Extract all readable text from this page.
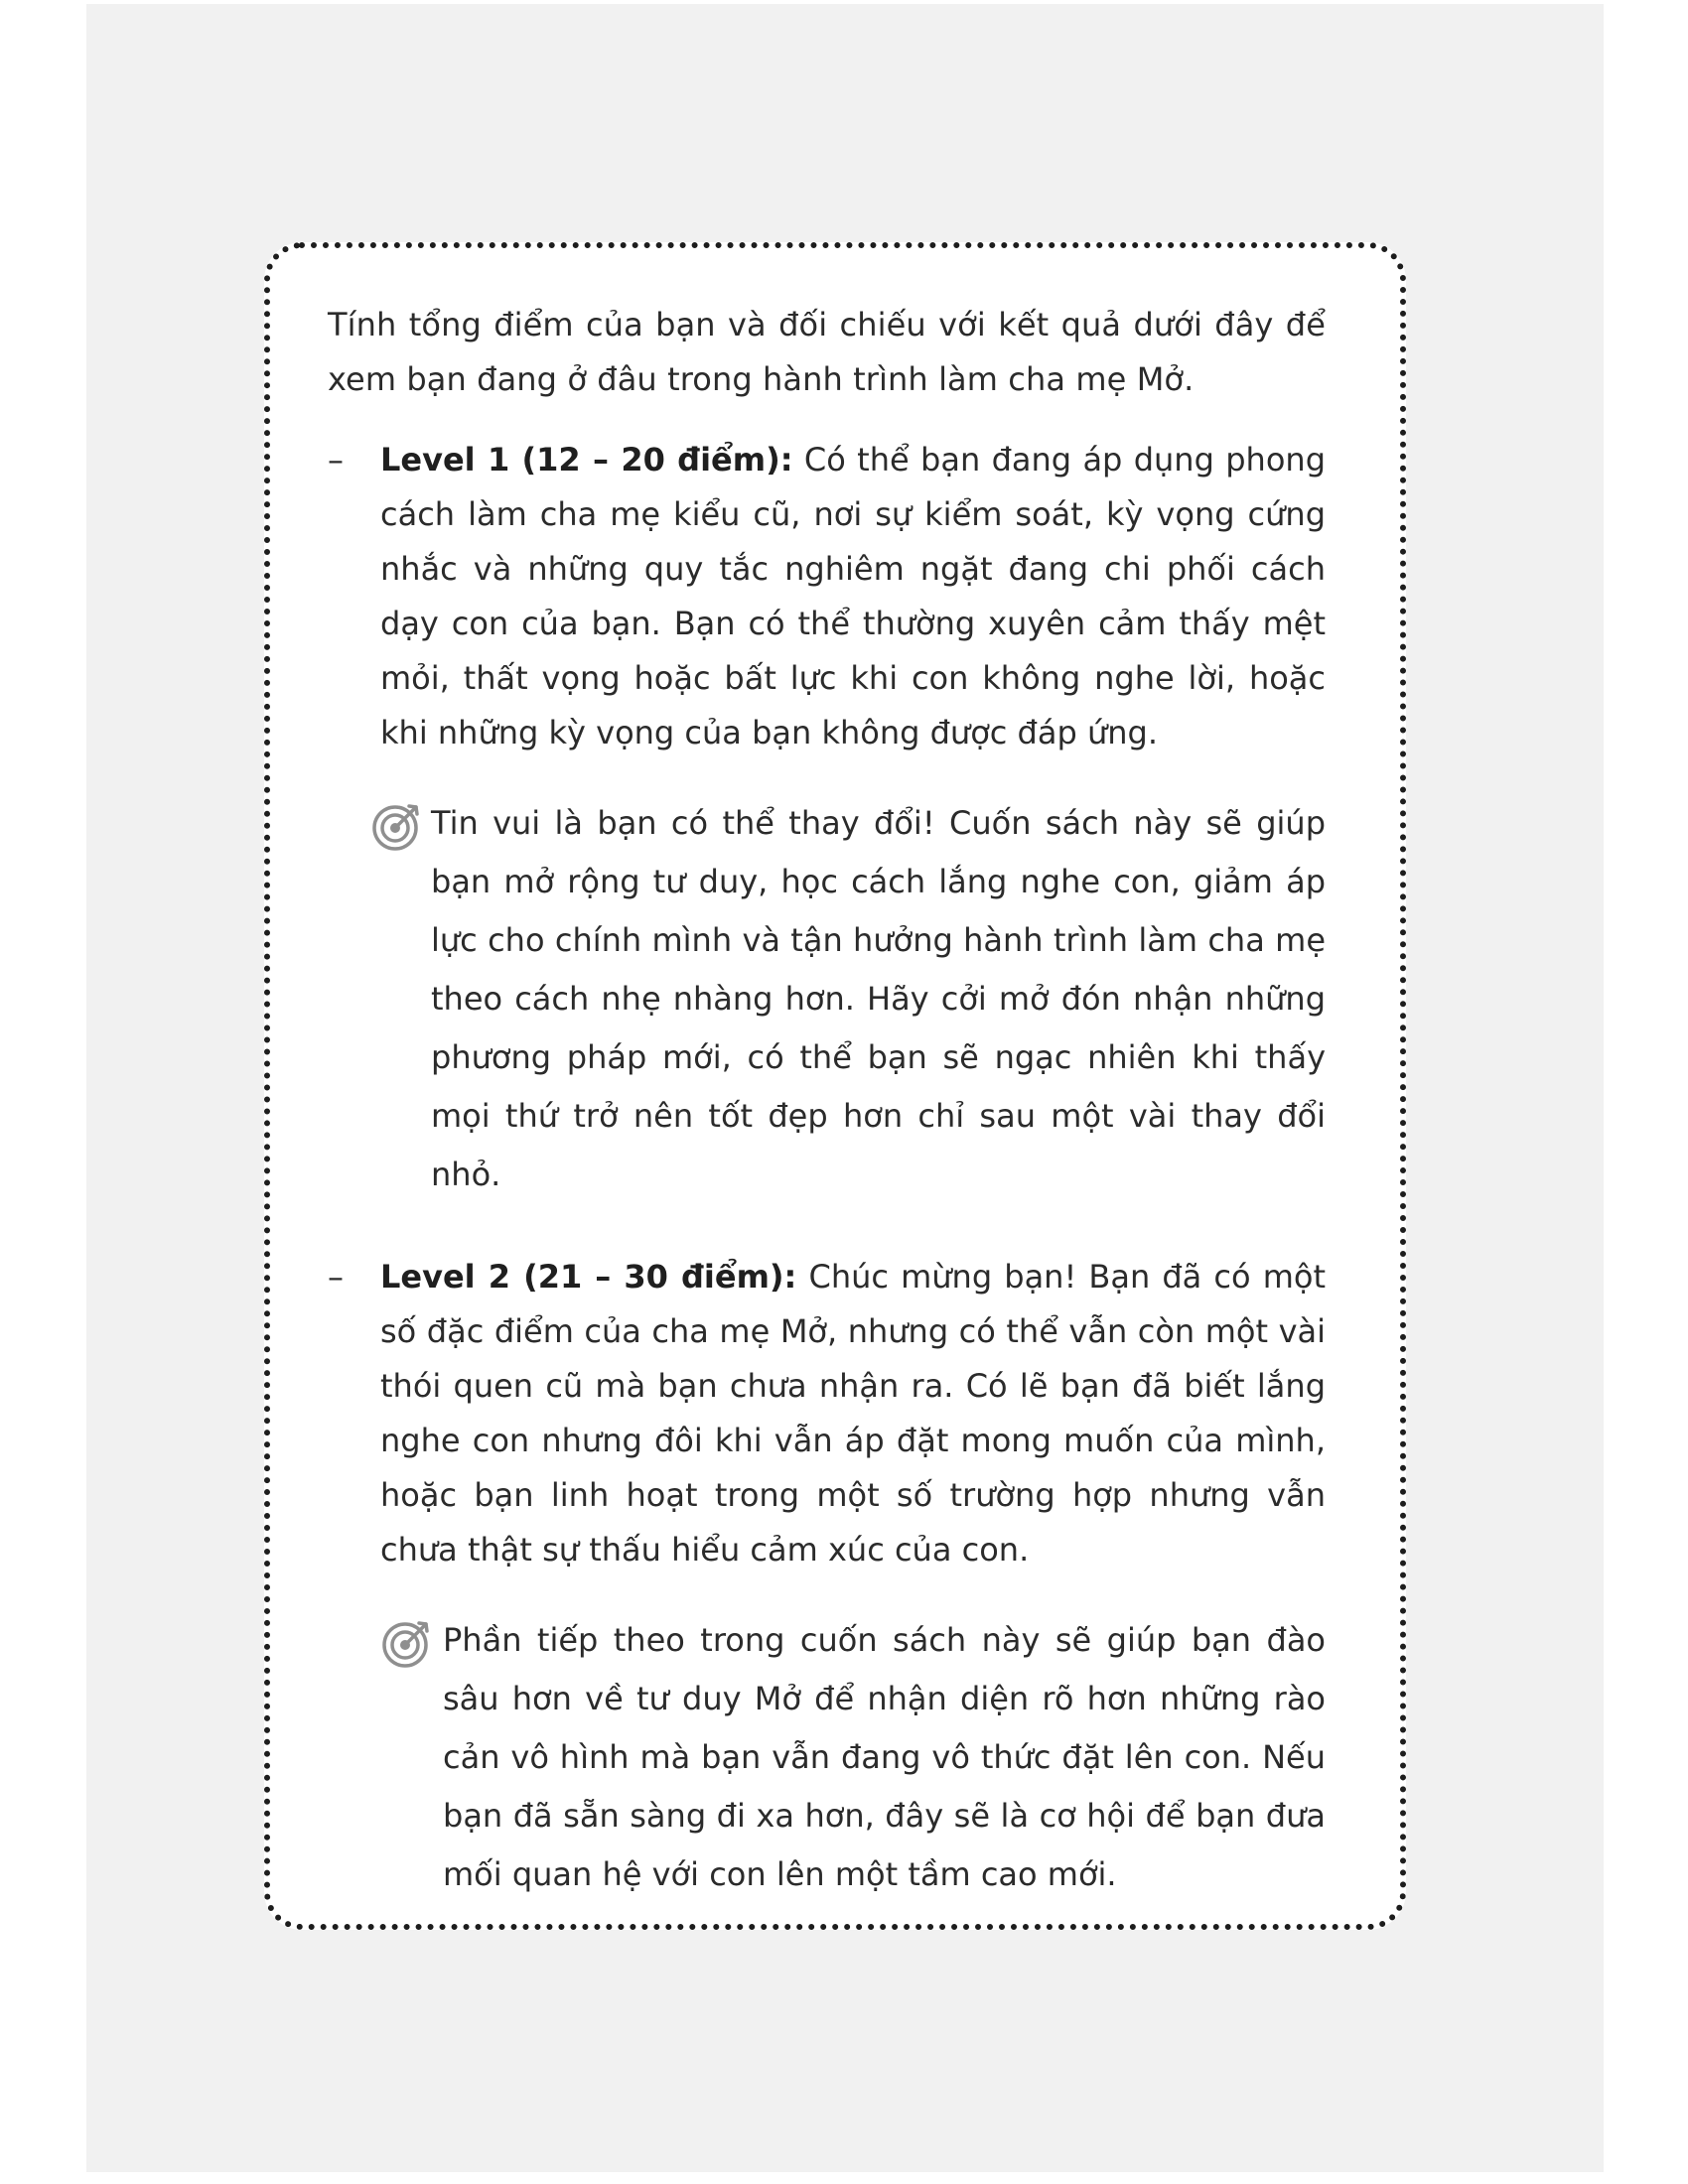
Tính tổng điểm của bạn và đối chiếu với kết quả dưới đây để xem bạn đang ở đâu trong hành trình làm cha mẹ Mở.

– Level 1 (12 – 20 điểm): Có thể bạn đang áp dụng phong cách làm cha mẹ kiểu cũ, nơi sự kiểm soát, kỳ vọng cứng nhắc và những quy tắc nghiêm ngặt đang chi phối cách dạy con của bạn. Bạn có thể thường xuyên cảm thấy mệt mỏi, thất vọng hoặc bất lực khi con không nghe lời, hoặc khi những kỳ vọng của bạn không được đáp ứng.

Tin vui là bạn có thể thay đổi! Cuốn sách này sẽ giúp bạn mở rộng tư duy, học cách lắng nghe con, giảm áp lực cho chính mình và tận hưởng hành trình làm cha mẹ theo cách nhẹ nhàng hơn. Hãy cởi mở đón nhận những phương pháp mới, có thể bạn sẽ ngạc nhiên khi thấy mọi thứ trở nên tốt đẹp hơn chỉ sau một vài thay đổi nhỏ.

– Level 2 (21 – 30 điểm): Chúc mừng bạn! Bạn đã có một số đặc điểm của cha mẹ Mở, nhưng có thể vẫn còn một vài thói quen cũ mà bạn chưa nhận ra. Có lẽ bạn đã biết lắng nghe con nhưng đôi khi vẫn áp đặt mong muốn của mình, hoặc bạn linh hoạt trong một số trường hợp nhưng vẫn chưa thật sự thấu hiểu cảm xúc của con.

Phần tiếp theo trong cuốn sách này sẽ giúp bạn đào sâu hơn về tư duy Mở để nhận diện rõ hơn những rào cản vô hình mà bạn vẫn đang vô thức đặt lên con. Nếu bạn đã sẵn sàng đi xa hơn, đây sẽ là cơ hội để bạn đưa mối quan hệ với con lên một tầm cao mới.
